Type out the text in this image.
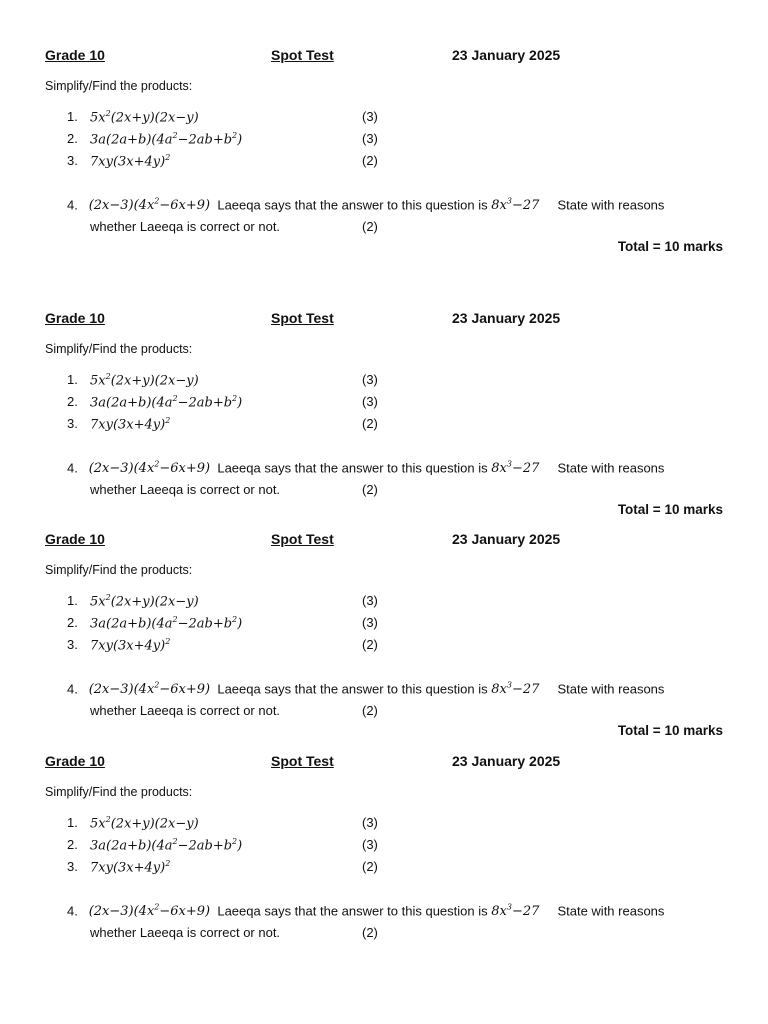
Grade 10	Spot Test	23 January 2025
Simplify/Find the products:
1. $5x^2(2x+y)(2x-y)$	(3)
2. $3a(2a+b)(4a^2-2ab+b^2)$	(3)
3. $7xy(3x+4y)^2$	(2)
4. $(2x-3)(4x^2-6x+9)$ Laeeqa says that the answer to this question is $8x^3-27$ State with reasons
whether Laeeqa is correct or not.	(2)
Total = 10 marks
Grade 10	Spot Test	23 January 2025
Simplify/Find the products:
1. $5x^2(2x+y)(2x-y)$	(3)
2. $3a(2a+b)(4a^2-2ab+b^2)$	(3)
3. $7xy(3x+4y)^2$	(2)
4. $(2x-3)(4x^2-6x+9)$ Laeeqa says that the answer to this question is $8x^3-27$ State with reasons
whether Laeeqa is correct or not.	(2)
Total = 10 marks
Grade 10	Spot Test	23 January 2025
Simplify/Find the products:
1. $5x^2(2x+y)(2x-y)$	(3)
2. $3a(2a+b)(4a^2-2ab+b^2)$	(3)
3. $7xy(3x+4y)^2$	(2)
4. $(2x-3)(4x^2-6x+9)$ Laeeqa says that the answer to this question is $8x^3-27$ State with reasons
whether Laeeqa is correct or not.	(2)
Total = 10 marks
Grade 10	Spot Test	23 January 2025
Simplify/Find the products:
1. $5x^2(2x+y)(2x-y)$	(3)
2. $3a(2a+b)(4a^2-2ab+b^2)$	(3)
3. $7xy(3x+4y)^2$	(2)
4. $(2x-3)(4x^2-6x+9)$ Laeeqa says that the answer to this question is $8x^3-27$ State with reasons
whether Laeeqa is correct or not.	(2)
